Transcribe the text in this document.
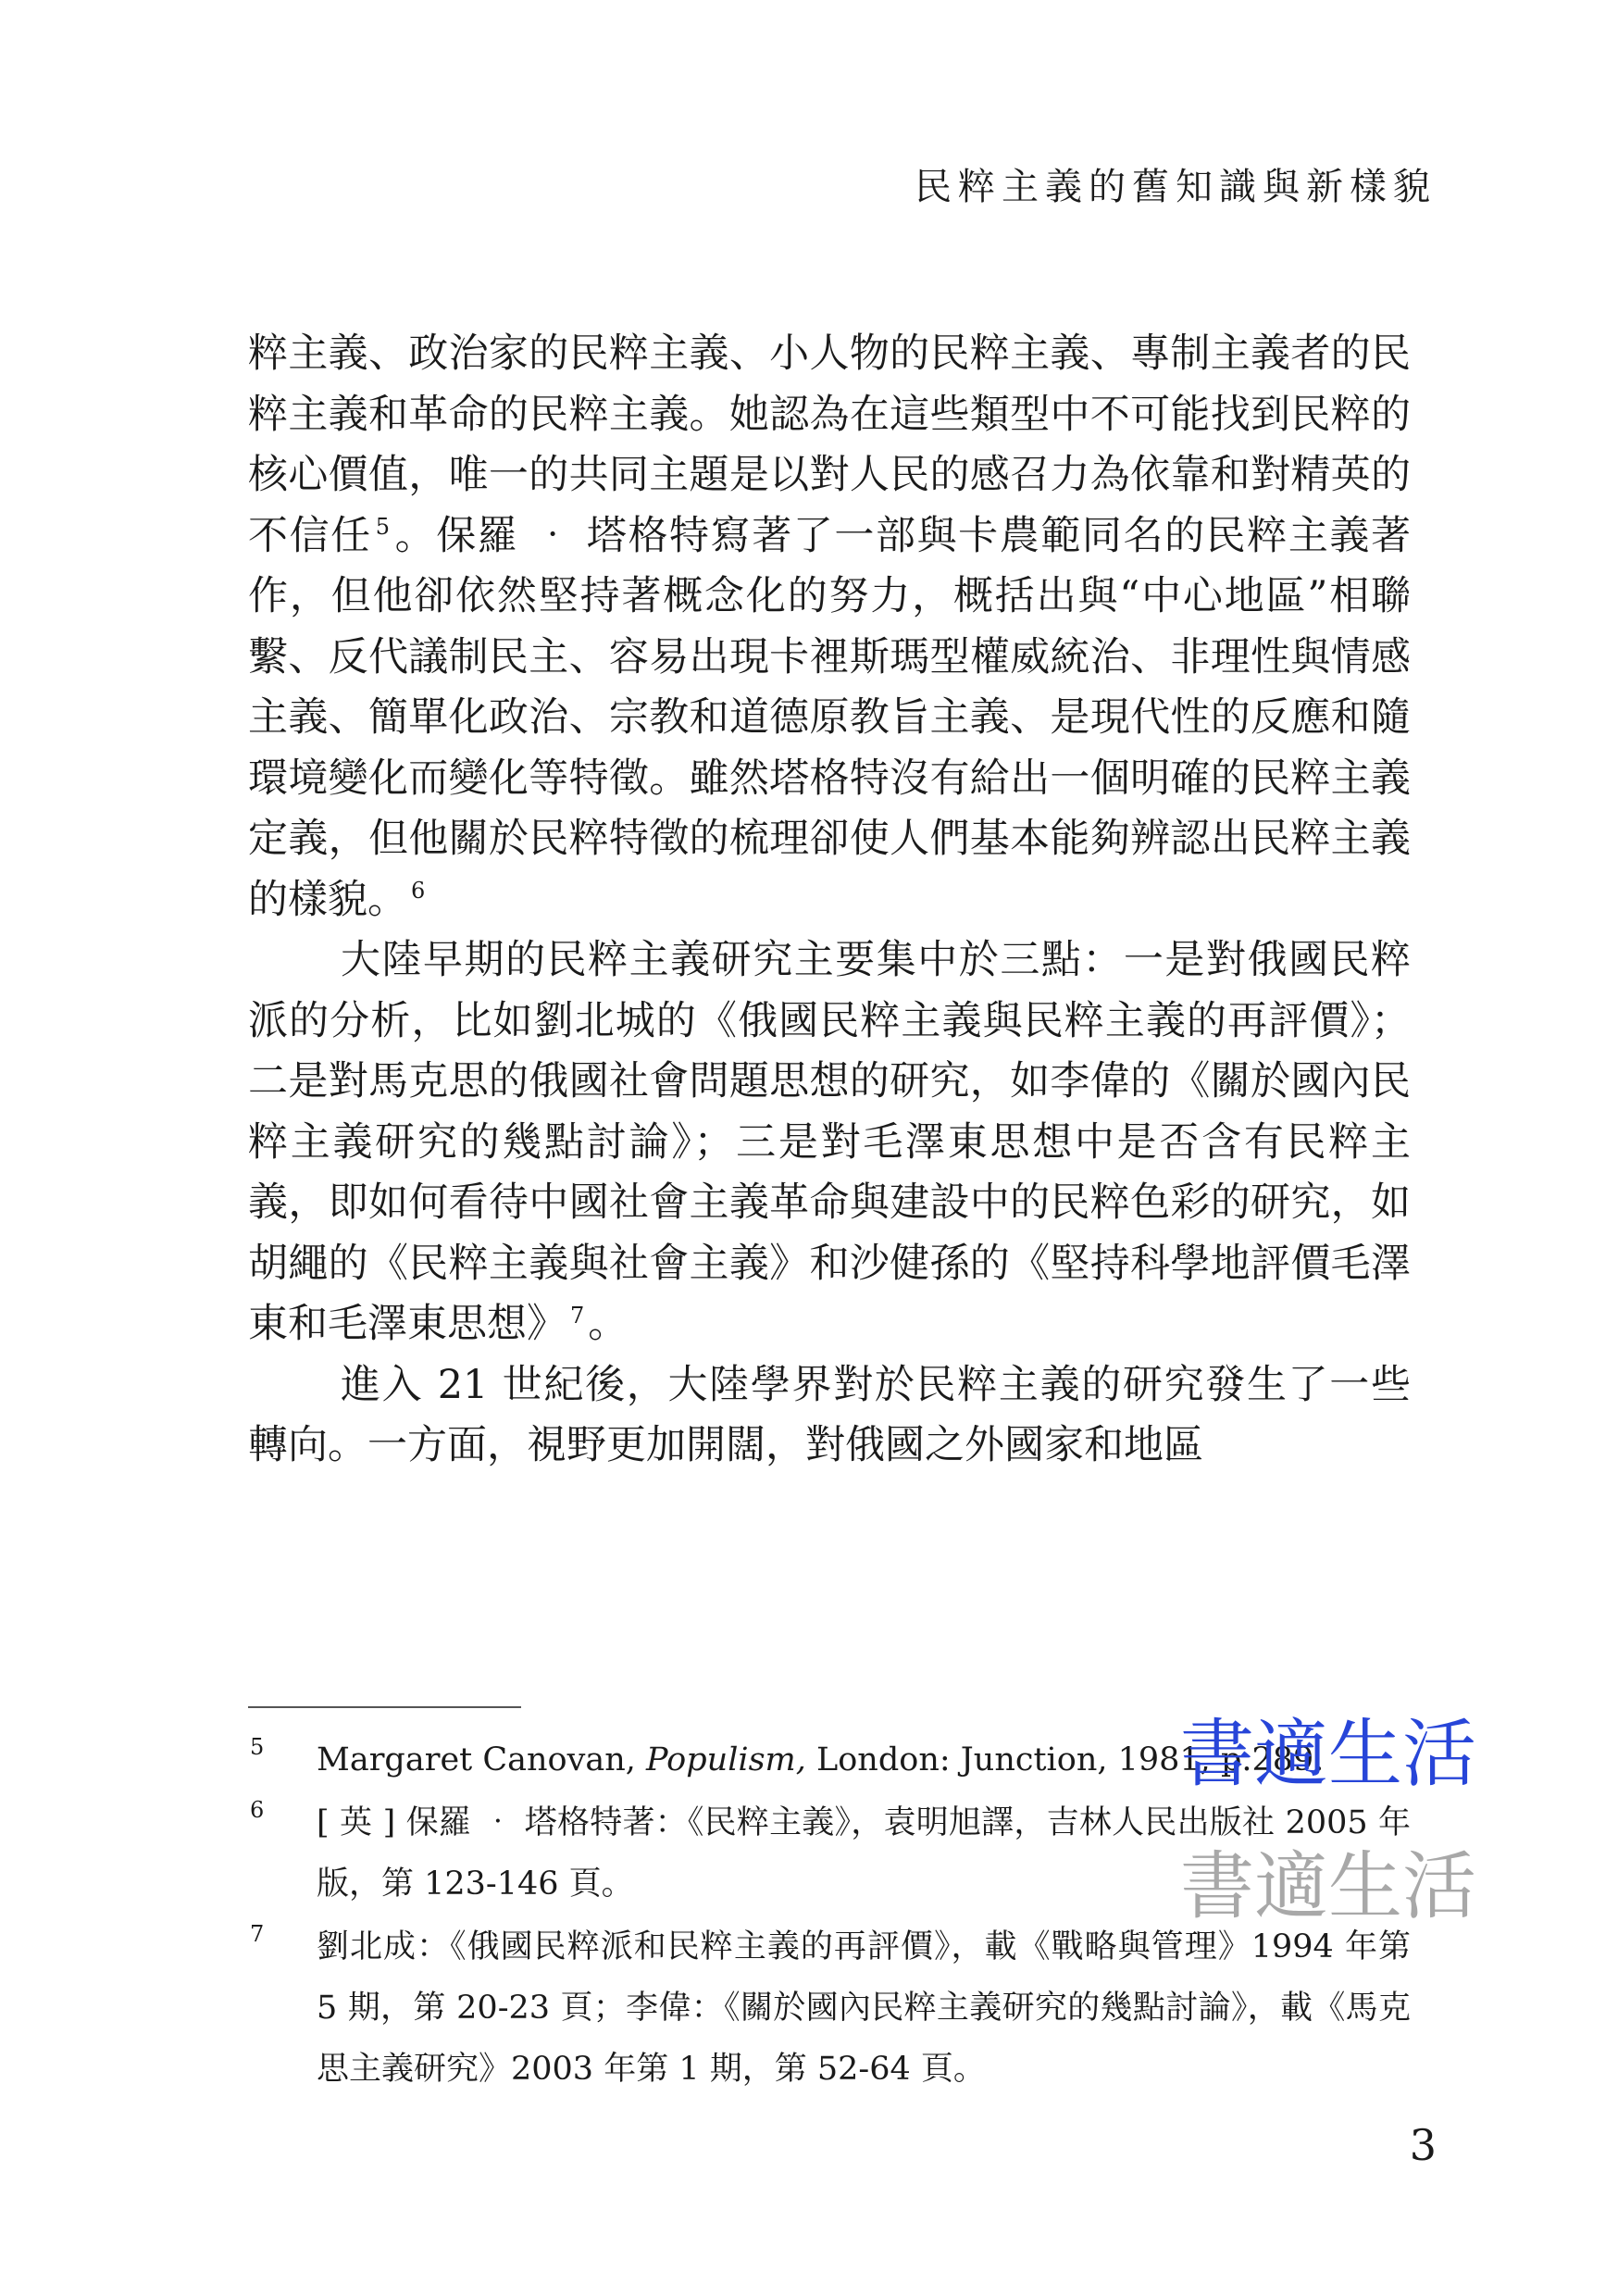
民粹主義的舊知識與新樣貌

粹主義、政治家的民粹主義、小人物的民粹主義、專制主義者的民粹主義和革命的民粹主義。她認為在這些類型中不可能找到民粹的核心價值，唯一的共同主題是以對人民的感召力為依靠和對精英的不信任 $^5$。保羅 ‧ 塔格特寫著了一部與卡農範同名的民粹主義著作，但他卻依然堅持著概念化的努力，概括出與“中心地區”相聯繫、反代議制民主、容易出現卡裡斯瑪型權威統治、非理性與情感主義、簡單化政治、宗教和道德原教旨主義、是現代性的反應和隨環境變化而變化等特徵。雖然塔格特沒有給出一個明確的民粹主義定義，但他關於民粹特徵的梳理卻使人們基本能夠辨認出民粹主義的樣貌。 $^6$

大陸早期的民粹主義研究主要集中於三點：一是對俄國民粹派的分析，比如劉北城的《俄國民粹主義與民粹主義的再評價》；二是對馬克思的俄國社會問題思想的研究，如李偉的《關於國內民粹主義研究的幾點討論》；三是對毛澤東思想中是否含有民粹主義，即如何看待中國社會主義革命與建設中的民粹色彩的研究，如胡繩的《民粹主義與社會主義》和沙健孫的《堅持科學地評價毛澤東和毛澤東思想》 $^7$。

進入 21 世紀後，大陸學界對於民粹主義的研究發生了一些轉向。一方面，視野更加開闊，對俄國之外國家和地區

5 Margaret Canovan, Populism, London: Junction, 1981, p.289.
6 [ 英 ] 保羅 ‧ 塔格特著：《民粹主義》，袁明旭譯，吉林人民出版社 2005 年版，第 123-146 頁。
7 劉北成：《俄國民粹派和民粹主義的再評價》，載《戰略與管理》1994 年第 5 期，第 20-23 頁；李偉：《關於國內民粹主義研究的幾點討論》，載《馬克思主義研究》2003 年第 1 期，第 52-64 頁。
3
書適生活
書適生活
